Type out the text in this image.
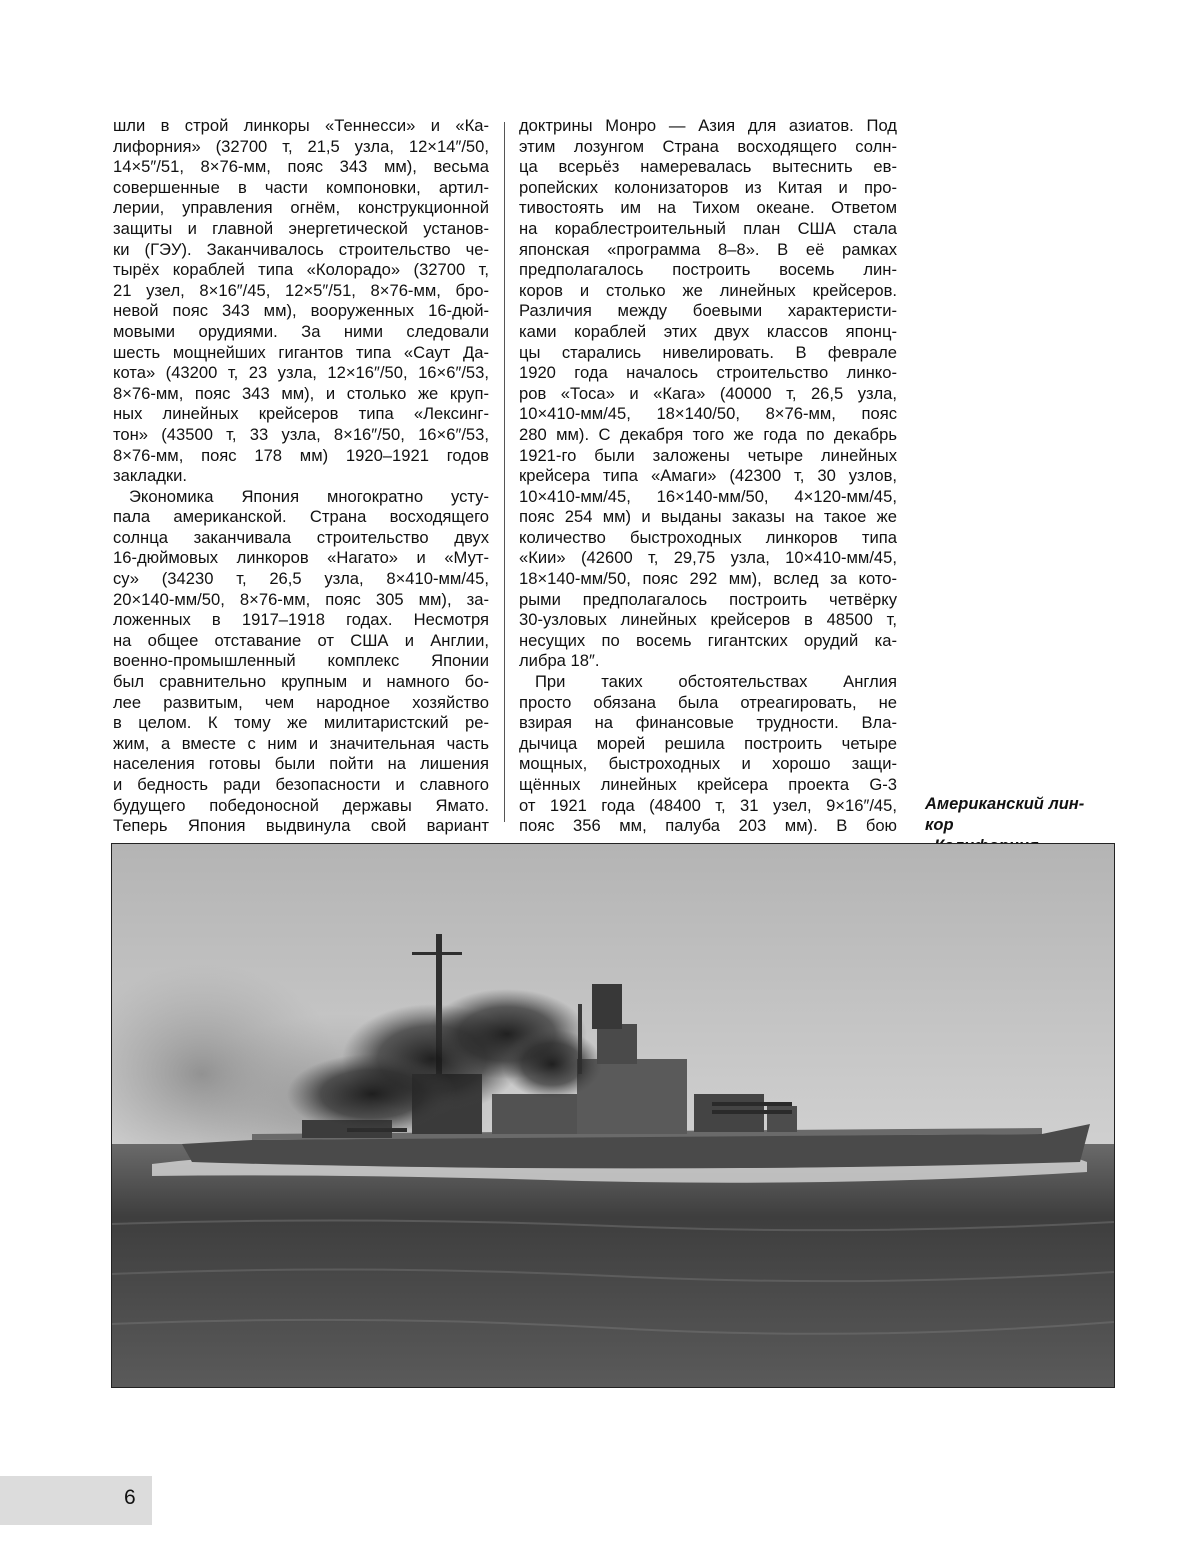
шли в строй линкоры «Теннесси» и «Ка-
лифорния» (32700 т, 21,5 узла, 12×14″/50,
14×5″/51, 8×76-мм, пояс 343 мм), весьма
совершенные в части компоновки, артил-
лерии, управления огнём, конструкционной
защиты и главной энергетической установ-
ки (ГЭУ). Заканчивалось строительство че-
тырёх кораблей типа «Колорадо» (32700 т,
21 узел, 8×16″/45, 12×5″/51, 8×76-мм, бро-
невой пояс 343 мм), вооруженных 16-дюй-
мовыми орудиями. За ними следовали
шесть мощнейших гигантов типа «Саут Да-
кота» (43200 т, 23 узла, 12×16″/50, 16×6″/53,
8×76-мм, пояс 343 мм), и столько же круп-
ных линейных крейсеров типа «Лексинг-
тон» (43500 т, 33 узла, 8×16″/50, 16×6″/53,
8×76-мм, пояс 178 мм) 1920–1921 годов
закладки.
Экономика Япония многократно усту-
пала американской. Страна восходящего
солнца заканчивала строительство двух
16-дюймовых линкоров «Нагато» и «Мут-
су» (34230 т, 26,5 узла, 8×410-мм/45,
20×140-мм/50, 8×76-мм, пояс 305 мм), за-
ложенных в 1917–1918 годах. Несмотря
на общее отставание от США и Англии,
военно-промышленный комплекс Японии
был сравнительно крупным и намного бо-
лее развитым, чем народное хозяйство
в целом. К тому же милитаристский ре-
жим, а вместе с ним и значительная часть
населения готовы были пойти на лишения
и бедность ради безопасности и славного
будущего победоносной державы Ямато.
Теперь Япония выдвинула свой вариант
доктрины Монро — Азия для азиатов. Под
этим лозунгом Страна восходящего солн-
ца всерьёз намеревалась вытеснить ев-
ропейских колонизаторов из Китая и про-
тивостоять им на Тихом океане. Ответом
на кораблестроительный план США стала
японская «программа 8–8». В её рамках
предполагалось построить восемь лин-
коров и столько же линейных крейсеров.
Различия между боевыми характеристи-
ками кораблей этих двух классов японц-
цы старались нивелировать. В феврале
1920 года началось строительство линко-
ров «Тоса» и «Кага» (40000 т, 26,5 узла,
10×410-мм/45, 18×140/50, 8×76-мм, пояс
280 мм). С декабря того же года по декабрь
1921-го были заложены четыре линейных
крейсера типа «Амаги» (42300 т, 30 узлов,
10×410-мм/45, 16×140-мм/50, 4×120-мм/45,
пояс 254 мм) и выданы заказы на такое же
количество быстроходных линкоров типа
«Кии» (42600 т, 29,75 узла, 10×410-мм/45,
18×140-мм/50, пояс 292 мм), вслед за кото-
рыми предполагалось построить четвёрку
30-узловых линейных крейсеров в 48500 т,
несущих по восемь гигантских орудий ка-
либра 18″.
При таких обстоятельствах Англия
просто обязана была отреагировать, не
взирая на финансовые трудности. Вла-
дычица морей решила построить четыре
мощных, быстроходных и хорошо защи-
щённых линейных крейсера проекта G-3
от 1921 года (48400 т, 31 узел, 9×16″/45,
пояс 356 мм, палуба 203 мм). В бою
Американский лин-
кор
6
